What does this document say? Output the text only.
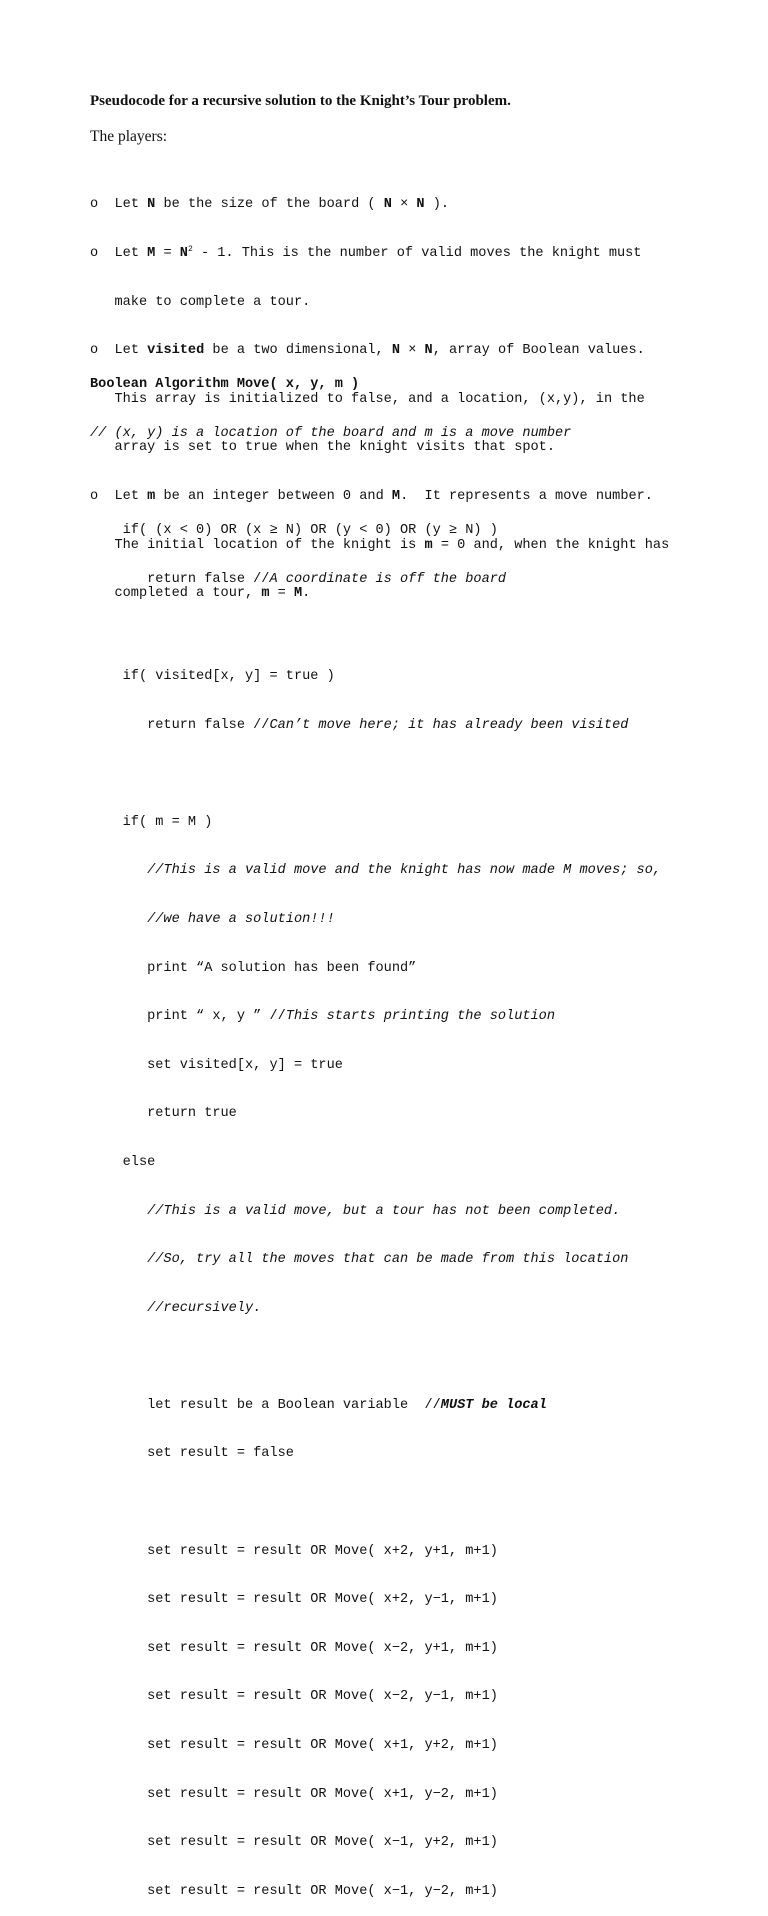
Pseudocode for a recursive solution to the Knight’s Tour problem.
The players:

o Let N be the size of the board ( N × N ).

o Let $M = N^2 - 1$. This is the number of valid moves the knight must

make to complete a tour.

o Let visited be a two dimensional, N × N, array of Boolean values.

This array is initialized to false, and a location, (x,y), in the

array is set to true when the knight visits that spot.

o Let m be an integer between 0 and M.  It represents a move number.

The initial location of the knight is m = 0 and, when the knight has

completed a tour, m = M.

Boolean Algorithm Move( x, y, m )

// (x, y) is a location of the board and m is a move number

if( (x < 0) OR (x ≥ N) OR (y < 0) OR (y ≥ N) )

return false //A coordinate is off the board

if( visited[x, y] = true )

return false //Can’t move here; it has already been visited

if( m = M )

//This is a valid move and the knight has now made M moves; so,

//we have a solution!!!

print “A solution has been found”

print “ x, y ” //This starts printing the solution

set visited[x, y] = true

return true

else

//This is a valid move, but a tour has not been completed.

//So, try all the moves that can be made from this location

//recursively.

let result be a Boolean variable  //MUST be local

set result = false

set result = result OR Move( x+2, y+1, m+1)

set result = result OR Move( x+2, y−1, m+1)

set result = result OR Move( x−2, y+1, m+1)

set result = result OR Move( x−2, y−1, m+1)

set result = result OR Move( x+1, y+2, m+1)

set result = result OR Move( x+1, y−2, m+1)

set result = result OR Move( x−1, y+2, m+1)

set result = result OR Move( x−1, y−2, m+1)
